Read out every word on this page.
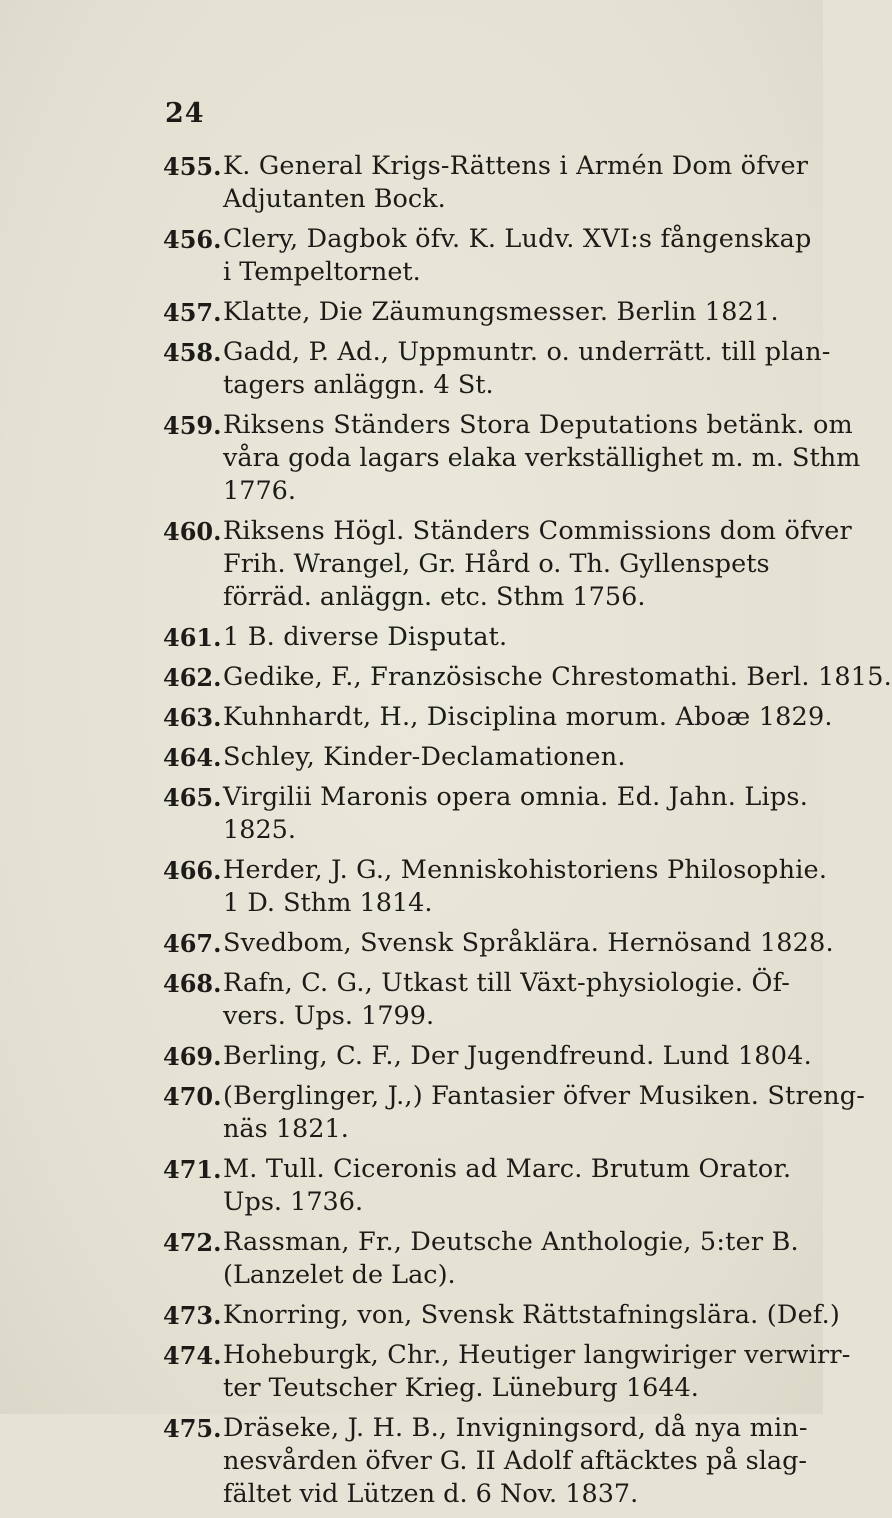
24
455. K. General Krigs-Rättens i Armén Dom öfver
Adjutanten Bock.
456. Clery, Dagbok öfv. K. Ludv. XVI:s fångenskap
i Tempeltornet.
457. Klatte, Die Zäumungsmesser. Berlin 1821.
458. Gadd, P. Ad., Uppmuntr. o. underrätt. till plan-
tagers anläggn. 4 St.
459. Riksens Ständers Stora Deputations betänk. om
våra goda lagars elaka verkställighet m. m. Sthm
1776.
460. Riksens Högl. Ständers Commissions dom öfver
Frih. Wrangel, Gr. Hård o. Th. Gyllenspets
förräd. anläggn. etc. Sthm 1756.
461. 1 B. diverse Disputat.
462. Gedike, F., Französische Chrestomathi. Berl. 1815.
463. Kuhnhardt, H., Disciplina morum. Aboæ 1829.
464. Schley, Kinder-Declamationen.
465. Virgilii Maronis opera omnia. Ed. Jahn. Lips.
1825.
466. Herder, J. G., Menniskohistoriens Philosophie.
1 D. Sthm 1814.
467. Svedbom, Svensk Språklära. Hernösand 1828.
468. Rafn, C. G., Utkast till Växt-physiologie. Öf-
vers. Ups. 1799.
469. Berling, C. F., Der Jugendfreund. Lund 1804.
470. (Berglinger, J.,) Fantasier öfver Musiken. Streng-
näs 1821.
471. M. Tull. Ciceronis ad Marc. Brutum Orator.
Ups. 1736.
472. Rassman, Fr., Deutsche Anthologie, 5:ter B.
(Lanzelet de Lac).
473. Knorring, von, Svensk Rättstafningslära. (Def.)
474. Hoheburgk, Chr., Heutiger langwiriger verwirr-
ter Teutscher Krieg. Lüneburg 1644.
475. Dräseke, J. H. B., Invigningsord, då nya min-
nesvården öfver G. II Adolf aftäcktes på slag-
fältet vid Lützen d. 6 Nov. 1837.
